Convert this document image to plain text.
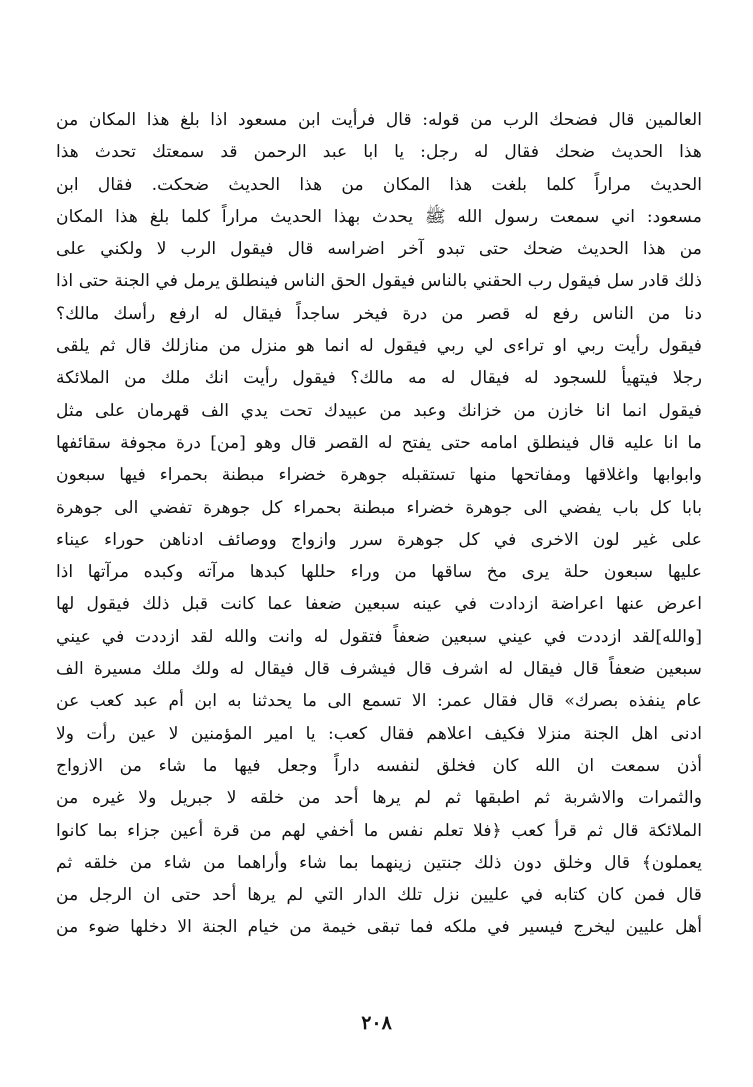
العالمين قال فضحك الرب من قوله: قال فرأيت ابن مسعود اذا بلغ هذا المكان من
هذا الحديث ضحك فقال له رجل: يا ابا عبد الرحمن قد سمعتك تحدث هذا
الحديث مراراً كلما بلغت هذا المكان من هذا الحديث ضحكت. فقال ابن
مسعود: اني سمعت رسول الله ﷺ يحدث بهذا الحديث مراراً كلما بلغ هذا المكان
من هذا الحديث ضحك حتى تبدو آخر اضراسه قال فيقول الرب لا ولكني على
ذلك قادر سل فيقول رب الحقني بالناس فيقول الحق الناس فينطلق يرمل في الجنة حتى اذا
دنا من الناس رفع له قصر من درة فيخر ساجداً فيقال له ارفع رأسك مالك؟
فيقول رأيت ربي او تراءى لي ربي فيقول له انما هو منزل من منازلك قال ثم يلقى
رجلا فيتهيأ للسجود له فيقال له مه مالك؟ فيقول رأيت انك ملك من الملائكة
فيقول انما انا خازن من خزانك وعبد من عبيدك تحت يدي الف قهرمان على مثل
ما انا عليه قال فينطلق امامه حتى يفتح له القصر قال وهو [من] درة مجوفة سقائفها
وابوابها واغلاقها ومفاتحها منها تستقبله جوهرة خضراء مبطنة بحمراء فيها سبعون
بابا كل باب يفضي الى جوهرة خضراء مبطنة بحمراء كل جوهرة تفضي الى جوهرة
على غير لون الاخرى في كل جوهرة سرر وازواج ووصائف ادناهن حوراء عيناء
عليها سبعون حلة يرى مخ ساقها من وراء حللها كبدها مرآته وكبده مرآتها اذا
اعرض عنها اعراضة ازدادت في عينه سبعين ضعفا عما كانت قبل ذلك فيقول لها
[والله]لقد ازددت في عيني سبعين ضعفاً فتقول له وانت والله لقد ازددت في عيني
سبعين ضعفاً قال فيقال له اشرف قال فيشرف قال فيقال له ولك ملك مسيرة الف
عام ينفذه بصرك» قال فقال عمر: الا تسمع الى ما يحدثنا به ابن أم عبد كعب عن
ادنى اهل الجنة منزلا فكيف اعلاهم فقال كعب: يا امير المؤمنين لا عين رأت ولا
أذن سمعت ان الله كان فخلق لنفسه داراً وجعل فيها ما شاء من الازواج
والثمرات والاشربة ثم اطبقها ثم لم يرها أحد من خلقه لا جبريل ولا غيره من
الملائكة قال ثم قرأ كعب ﴿فلا تعلم نفس ما أخفي لهم من قرة أعين جزاء بما كانوا
يعملون﴾ قال وخلق دون ذلك جنتين زينهما بما شاء وأراهما من شاء من خلقه ثم
قال فمن كان كتابه في عليين نزل تلك الدار التي لم يرها أحد حتى ان الرجل من
أهل عليين ليخرج فيسير في ملكه فما تبقى خيمة من خيام الجنة الا دخلها ضوء من
٢٠٨
